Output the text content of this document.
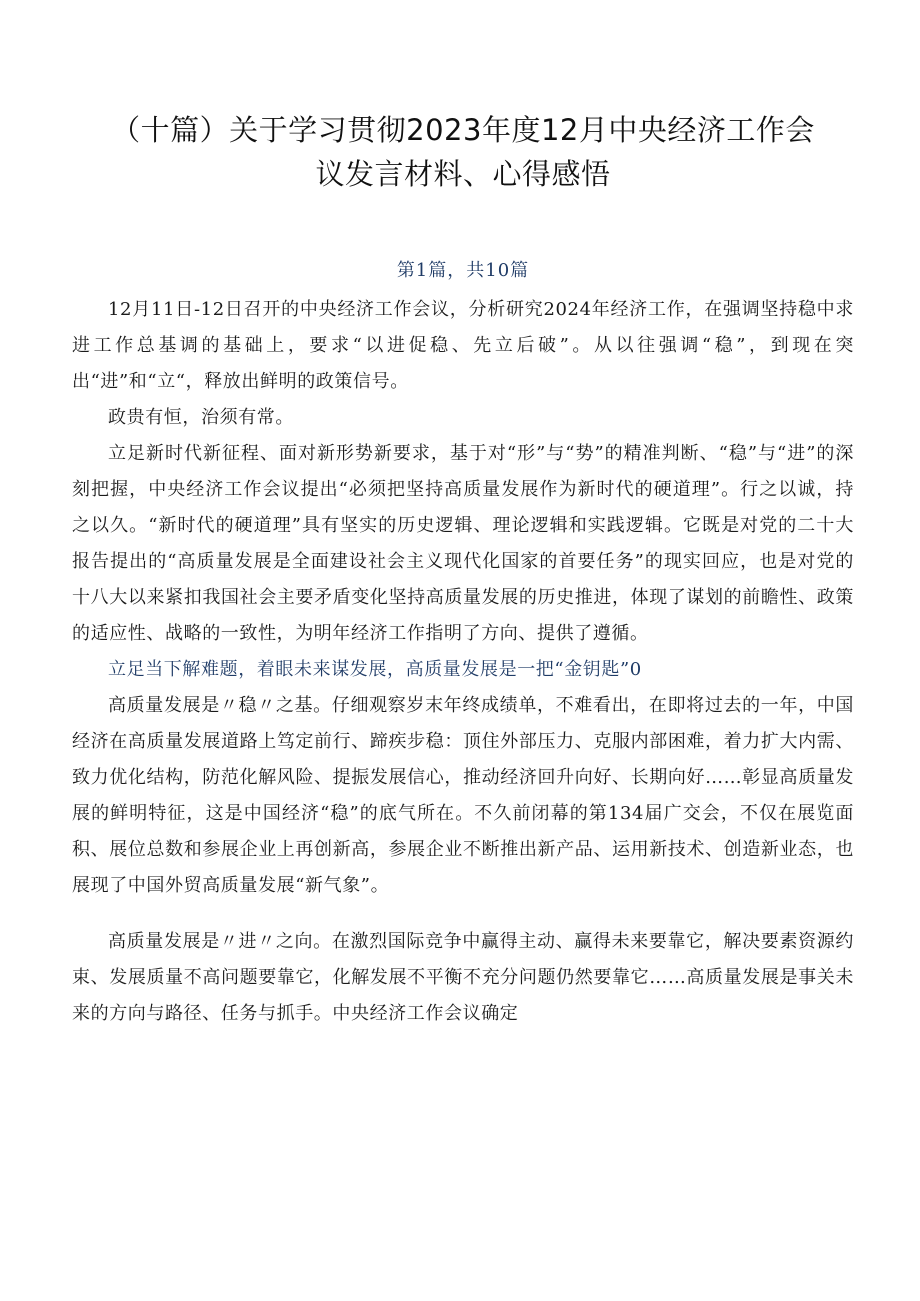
（十篇）关于学习贯彻2023年度12月中央经济工作会
议发言材料、心得感悟

第1篇，共10篇

12月11日-12日召开的中央经济工作会议，分析研究2024年经济工作，在强调坚持稳中求进工作总基调的基础上，要求“以进促稳、先立后破”。从以往强调“稳”，到现在突出“进”和“立“，释放出鲜明的政策信号。

政贵有恒，治须有常。

立足新时代新征程、面对新形势新要求，基于对“形”与“势”的精准判断、“稳”与“进”的深刻把握，中央经济工作会议提出“必须把坚持高质量发展作为新时代的硬道理”。行之以诚，持之以久。“新时代的硬道理”具有坚实的历史逻辑、理论逻辑和实践逻辑。它既是对党的二十大报告提出的“高质量发展是全面建设社会主义现代化国家的首要任务”的现实回应，也是对党的十八大以来紧扣我国社会主要矛盾变化坚持高质量发展的历史推进，体现了谋划的前瞻性、政策的适应性、战略的一致性，为明年经济工作指明了方向、提供了遵循。

立足当下解难题，着眼未来谋发展，高质量发展是一把“金钥匙”0

高质量发展是〃稳〃之基。仔细观察岁末年终成绩单，不难看出，在即将过去的一年，中国经济在高质量发展道路上笃定前行、蹄疾步稳：顶住外部压力、克服内部困难，着力扩大内需、致力优化结构，防范化解风险、提振发展信心，推动经济回升向好、长期向好……彰显高质量发展的鲜明特征，这是中国经济“稳”的底气所在。不久前闭幕的第134届广交会，不仅在展览面积、展位总数和参展企业上再创新高，参展企业不断推出新产品、运用新技术、创造新业态，也展现了中国外贸高质量发展“新气象”。

高质量发展是〃进〃之向。在激烈国际竞争中赢得主动、赢得未来要靠它，解决要素资源约束、发展质量不高问题要靠它，化解发展不平衡不充分问题仍然要靠它……高质量发展是事关未来的方向与路径、任务与抓手。中央经济工作会议确定
